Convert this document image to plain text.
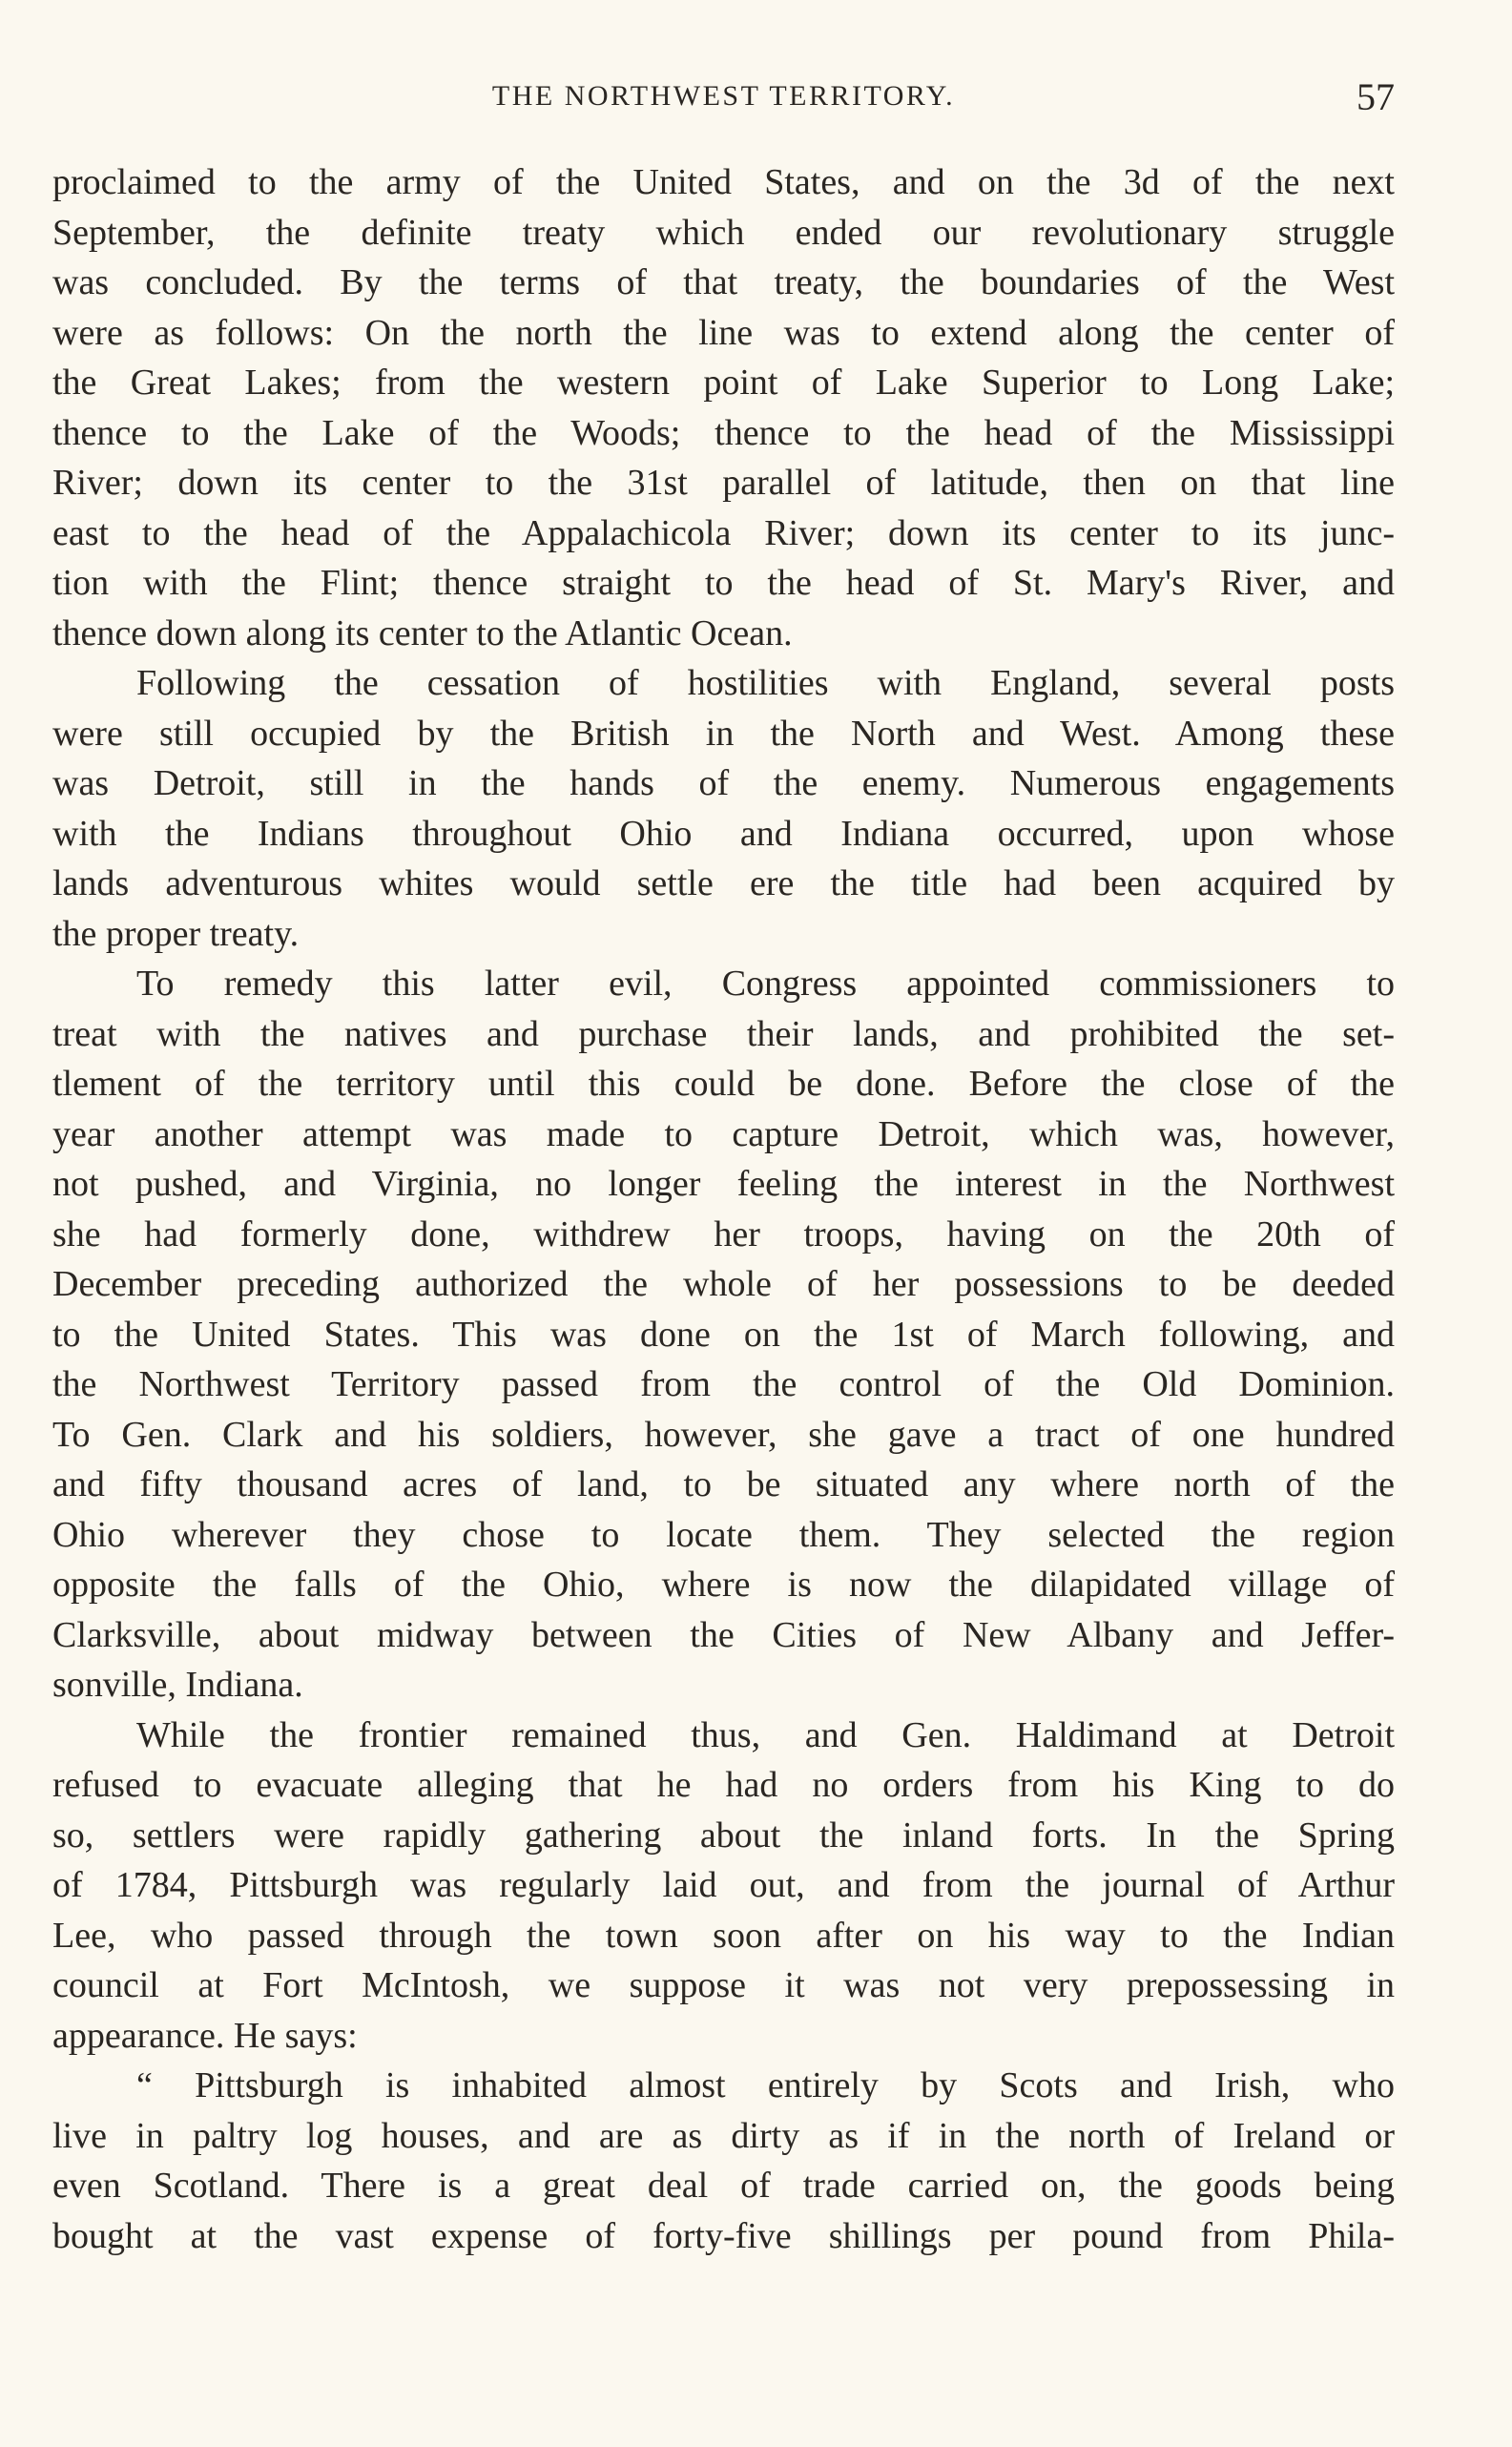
THE NORTHWEST TERRITORY.	57
proclaimed to the army of the United States, and on the 3d of the next
September, the definite treaty which ended our revolutionary struggle
was concluded. By the terms of that treaty, the boundaries of the West
were as follows: On the north the line was to extend along the center of
the Great Lakes; from the western point of Lake Superior to Long Lake;
thence to the Lake of the Woods; thence to the head of the Mississippi
River; down its center to the 31st parallel of latitude, then on that line
east to the head of the Appalachicola River; down its center to its junc-
tion with the Flint; thence straight to the head of St. Mary's River, and
thence down along its center to the Atlantic Ocean.
Following the cessation of hostilities with England, several posts
were still occupied by the British in the North and West. Among these
was Detroit, still in the hands of the enemy. Numerous engagements
with the Indians throughout Ohio and Indiana occurred, upon whose
lands adventurous whites would settle ere the title had been acquired by
the proper treaty.
To remedy this latter evil, Congress appointed commissioners to
treat with the natives and purchase their lands, and prohibited the set-
tlement of the territory until this could be done. Before the close of the
year another attempt was made to capture Detroit, which was, however,
not pushed, and Virginia, no longer feeling the interest in the Northwest
she had formerly done, withdrew her troops, having on the 20th of
December preceding authorized the whole of her possessions to be deeded
to the United States. This was done on the 1st of March following, and
the Northwest Territory passed from the control of the Old Dominion.
To Gen. Clark and his soldiers, however, she gave a tract of one hundred
and fifty thousand acres of land, to be situated any where north of the
Ohio wherever they chose to locate them. They selected the region
opposite the falls of the Ohio, where is now the dilapidated village of
Clarksville, about midway between the Cities of New Albany and Jeffer-
sonville, Indiana.
While the frontier remained thus, and Gen. Haldimand at Detroit
refused to evacuate alleging that he had no orders from his King to do
so, settlers were rapidly gathering about the inland forts. In the Spring
of 1784, Pittsburgh was regularly laid out, and from the journal of Arthur
Lee, who passed through the town soon after on his way to the Indian
council at Fort McIntosh, we suppose it was not very prepossessing in
appearance. He says:
“ Pittsburgh is inhabited almost entirely by Scots and Irish, who
live in paltry log houses, and are as dirty as if in the north of Ireland or
even Scotland. There is a great deal of trade carried on, the goods being
bought at the vast expense of forty-five shillings per pound from Phila-
